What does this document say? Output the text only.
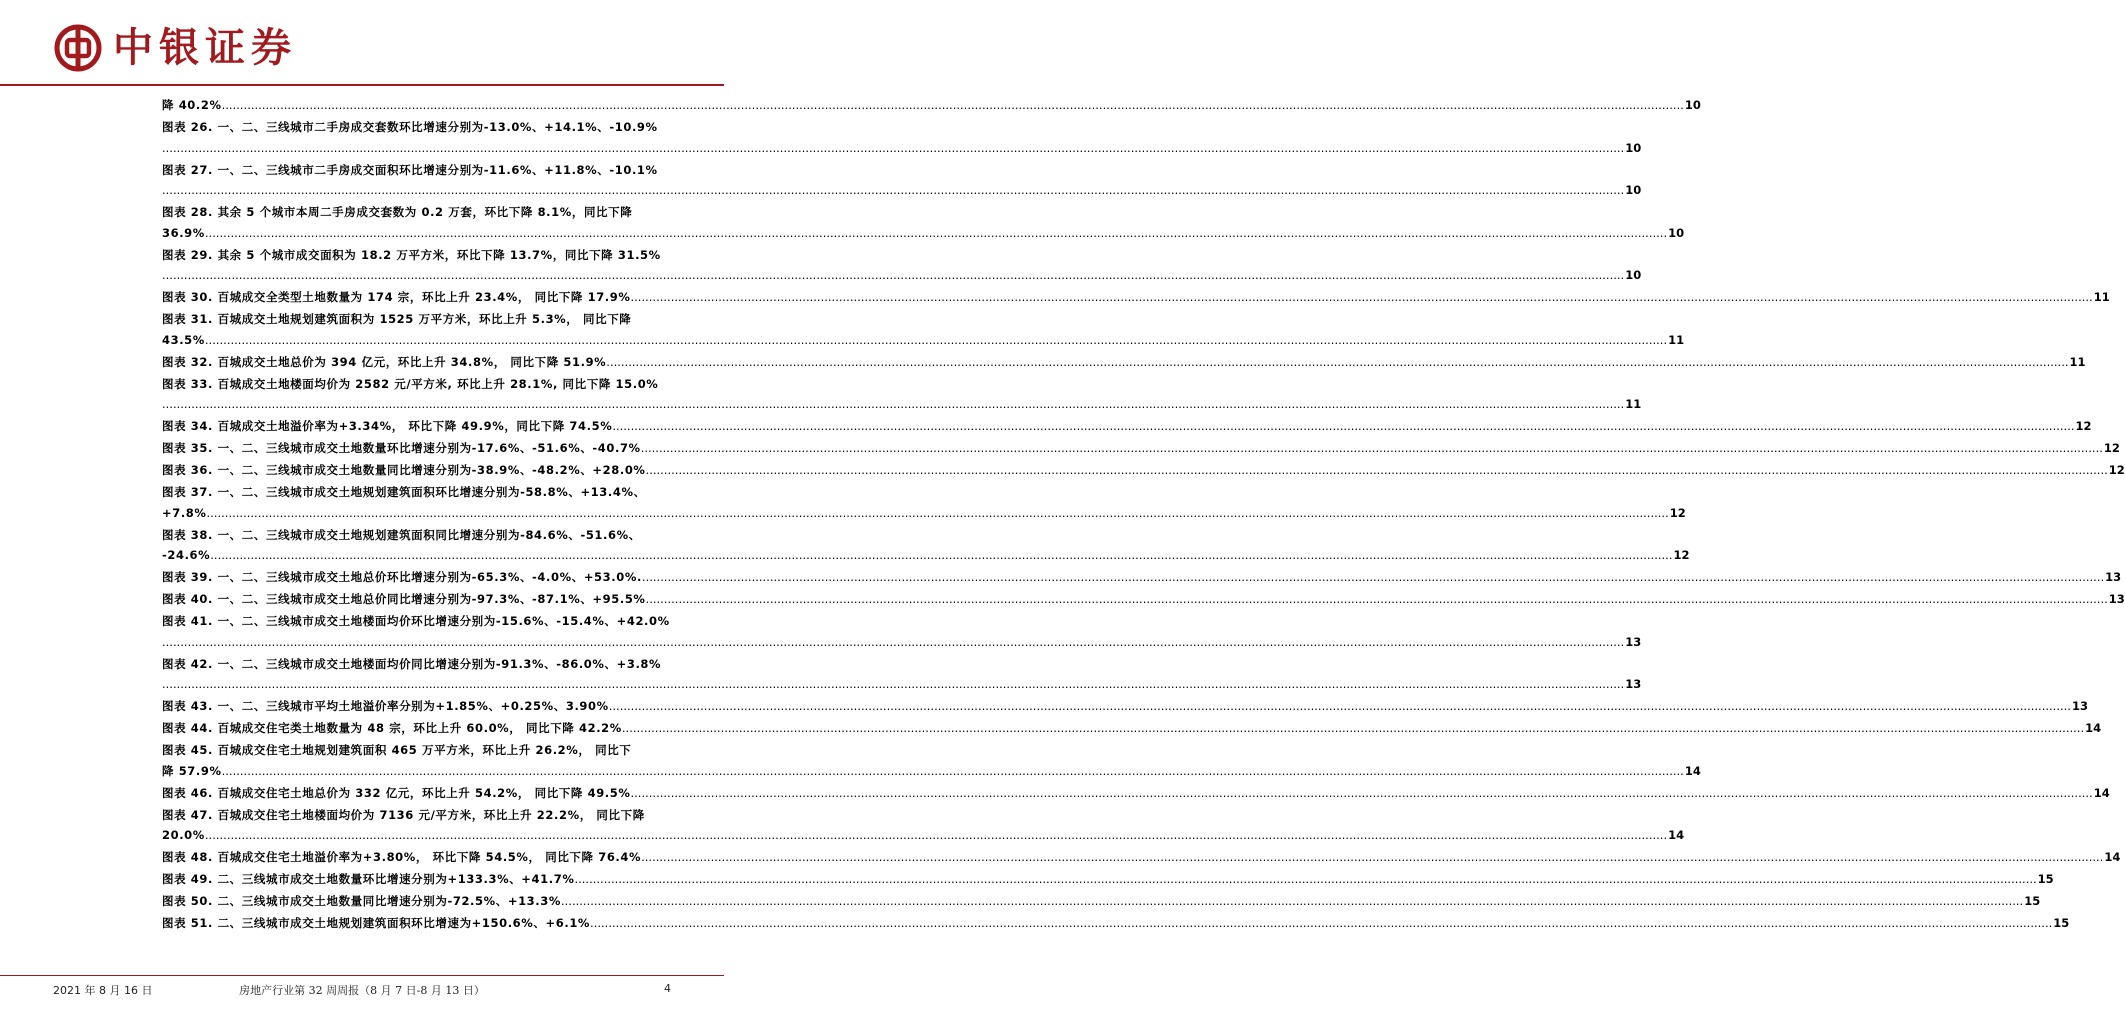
中银证券
降 40.2% ................................................................................................................................................................................................................................................................................................................................................................................................................ 10
图表 26. 一、二、三线城市二手房成交套数环比增速分别为-13.0%、+14.1%、-10.9%
................................................................................................................................................................................................................................................................................................................................................................................................................ 10
图表 27. 一、二、三线城市二手房成交面积环比增速分别为-11.6%、+11.8%、-10.1%
................................................................................................................................................................................................................................................................................................................................................................................................................ 10
图表 28. 其余 5 个城市本周二手房成交套数为 0.2 万套，环比下降 8.1%，同比下降
36.9% ................................................................................................................................................................................................................................................................................................................................................................................................................ 10
图表 29. 其余 5 个城市成交面积为 18.2 万平方米，环比下降 13.7%，同比下降 31.5%
................................................................................................................................................................................................................................................................................................................................................................................................................ 10
图表 30. 百城成交全类型土地数量为 174 宗，环比上升 23.4%， 同比下降 17.9% ................................................................................................................................................................................................................................................................................................................................................................................................................ 11
图表 31. 百城成交土地规划建筑面积为 1525 万平方米，环比上升 5.3%， 同比下降
43.5% ................................................................................................................................................................................................................................................................................................................................................................................................................ 11
图表 32. 百城成交土地总价为 394 亿元，环比上升 34.8%， 同比下降 51.9% ................................................................................................................................................................................................................................................................................................................................................................................................................ 11
图表 33. 百城成交土地楼面均价为 2582 元/平方米, 环比上升 28.1%, 同比下降 15.0%
................................................................................................................................................................................................................................................................................................................................................................................................................ 11
图表 34. 百城成交土地溢价率为+3.34%， 环比下降 49.9%，同比下降 74.5% ................................................................................................................................................................................................................................................................................................................................................................................................................ 12
图表 35. 一、二、三线城市成交土地数量环比增速分别为-17.6%、-51.6%、-40.7% ................................................................................................................................................................................................................................................................................................................................................................................................................ 12
图表 36. 一、二、三线城市成交土地数量同比增速分别为-38.9%、-48.2%、+28.0% ................................................................................................................................................................................................................................................................................................................................................................................................................ 12
图表 37. 一、二、三线城市成交土地规划建筑面积环比增速分别为-58.8%、+13.4%、
+7.8% ................................................................................................................................................................................................................................................................................................................................................................................................................ 12
图表 38. 一、二、三线城市成交土地规划建筑面积同比增速分别为-84.6%、-51.6%、
-24.6% ................................................................................................................................................................................................................................................................................................................................................................................................................ 12
图表 39. 一、二、三线城市成交土地总价环比增速分别为-65.3%、-4.0%、+53.0%. ................................................................................................................................................................................................................................................................................................................................................................................................................ 13
图表 40. 一、二、三线城市成交土地总价同比增速分别为-97.3%、-87.1%、+95.5% ................................................................................................................................................................................................................................................................................................................................................................................................................ 13
图表 41. 一、二、三线城市成交土地楼面均价环比增速分别为-15.6%、-15.4%、+42.0%
................................................................................................................................................................................................................................................................................................................................................................................................................ 13
图表 42. 一、二、三线城市成交土地楼面均价同比增速分别为-91.3%、-86.0%、+3.8%
................................................................................................................................................................................................................................................................................................................................................................................................................ 13
图表 43. 一、二、三线城市平均土地溢价率分别为+1.85%、+0.25%、3.90% ................................................................................................................................................................................................................................................................................................................................................................................................................ 13
图表 44. 百城成交住宅类土地数量为 48 宗，环比上升 60.0%， 同比下降 42.2% ................................................................................................................................................................................................................................................................................................................................................................................................................ 14
图表 45. 百城成交住宅土地规划建筑面积 465 万平方米，环比上升 26.2%， 同比下
降 57.9% ................................................................................................................................................................................................................................................................................................................................................................................................................ 14
图表 46. 百城成交住宅土地总价为 332 亿元，环比上升 54.2%， 同比下降 49.5% ................................................................................................................................................................................................................................................................................................................................................................................................................ 14
图表 47. 百城成交住宅土地楼面均价为 7136 元/平方米，环比上升 22.2%， 同比下降
20.0% ................................................................................................................................................................................................................................................................................................................................................................................................................ 14
图表 48. 百城成交住宅土地溢价率为+3.80%， 环比下降 54.5%， 同比下降 76.4% ................................................................................................................................................................................................................................................................................................................................................................................................................ 14
图表 49. 二、三线城市成交土地数量环比增速分别为+133.3%、+41.7% ................................................................................................................................................................................................................................................................................................................................................................................................................ 15
图表 50. 二、三线城市成交土地数量同比增速分别为-72.5%、+13.3% ................................................................................................................................................................................................................................................................................................................................................................................................................ 15
图表 51. 二、三线城市成交土地规划建筑面积环比增速为+150.6%、+6.1% ................................................................................................................................................................................................................................................................................................................................................................................................................ 15
2021 年 8 月 16 日	房地产行业第 32 周周报（8 月 7 日-8 月 13 日）	4
